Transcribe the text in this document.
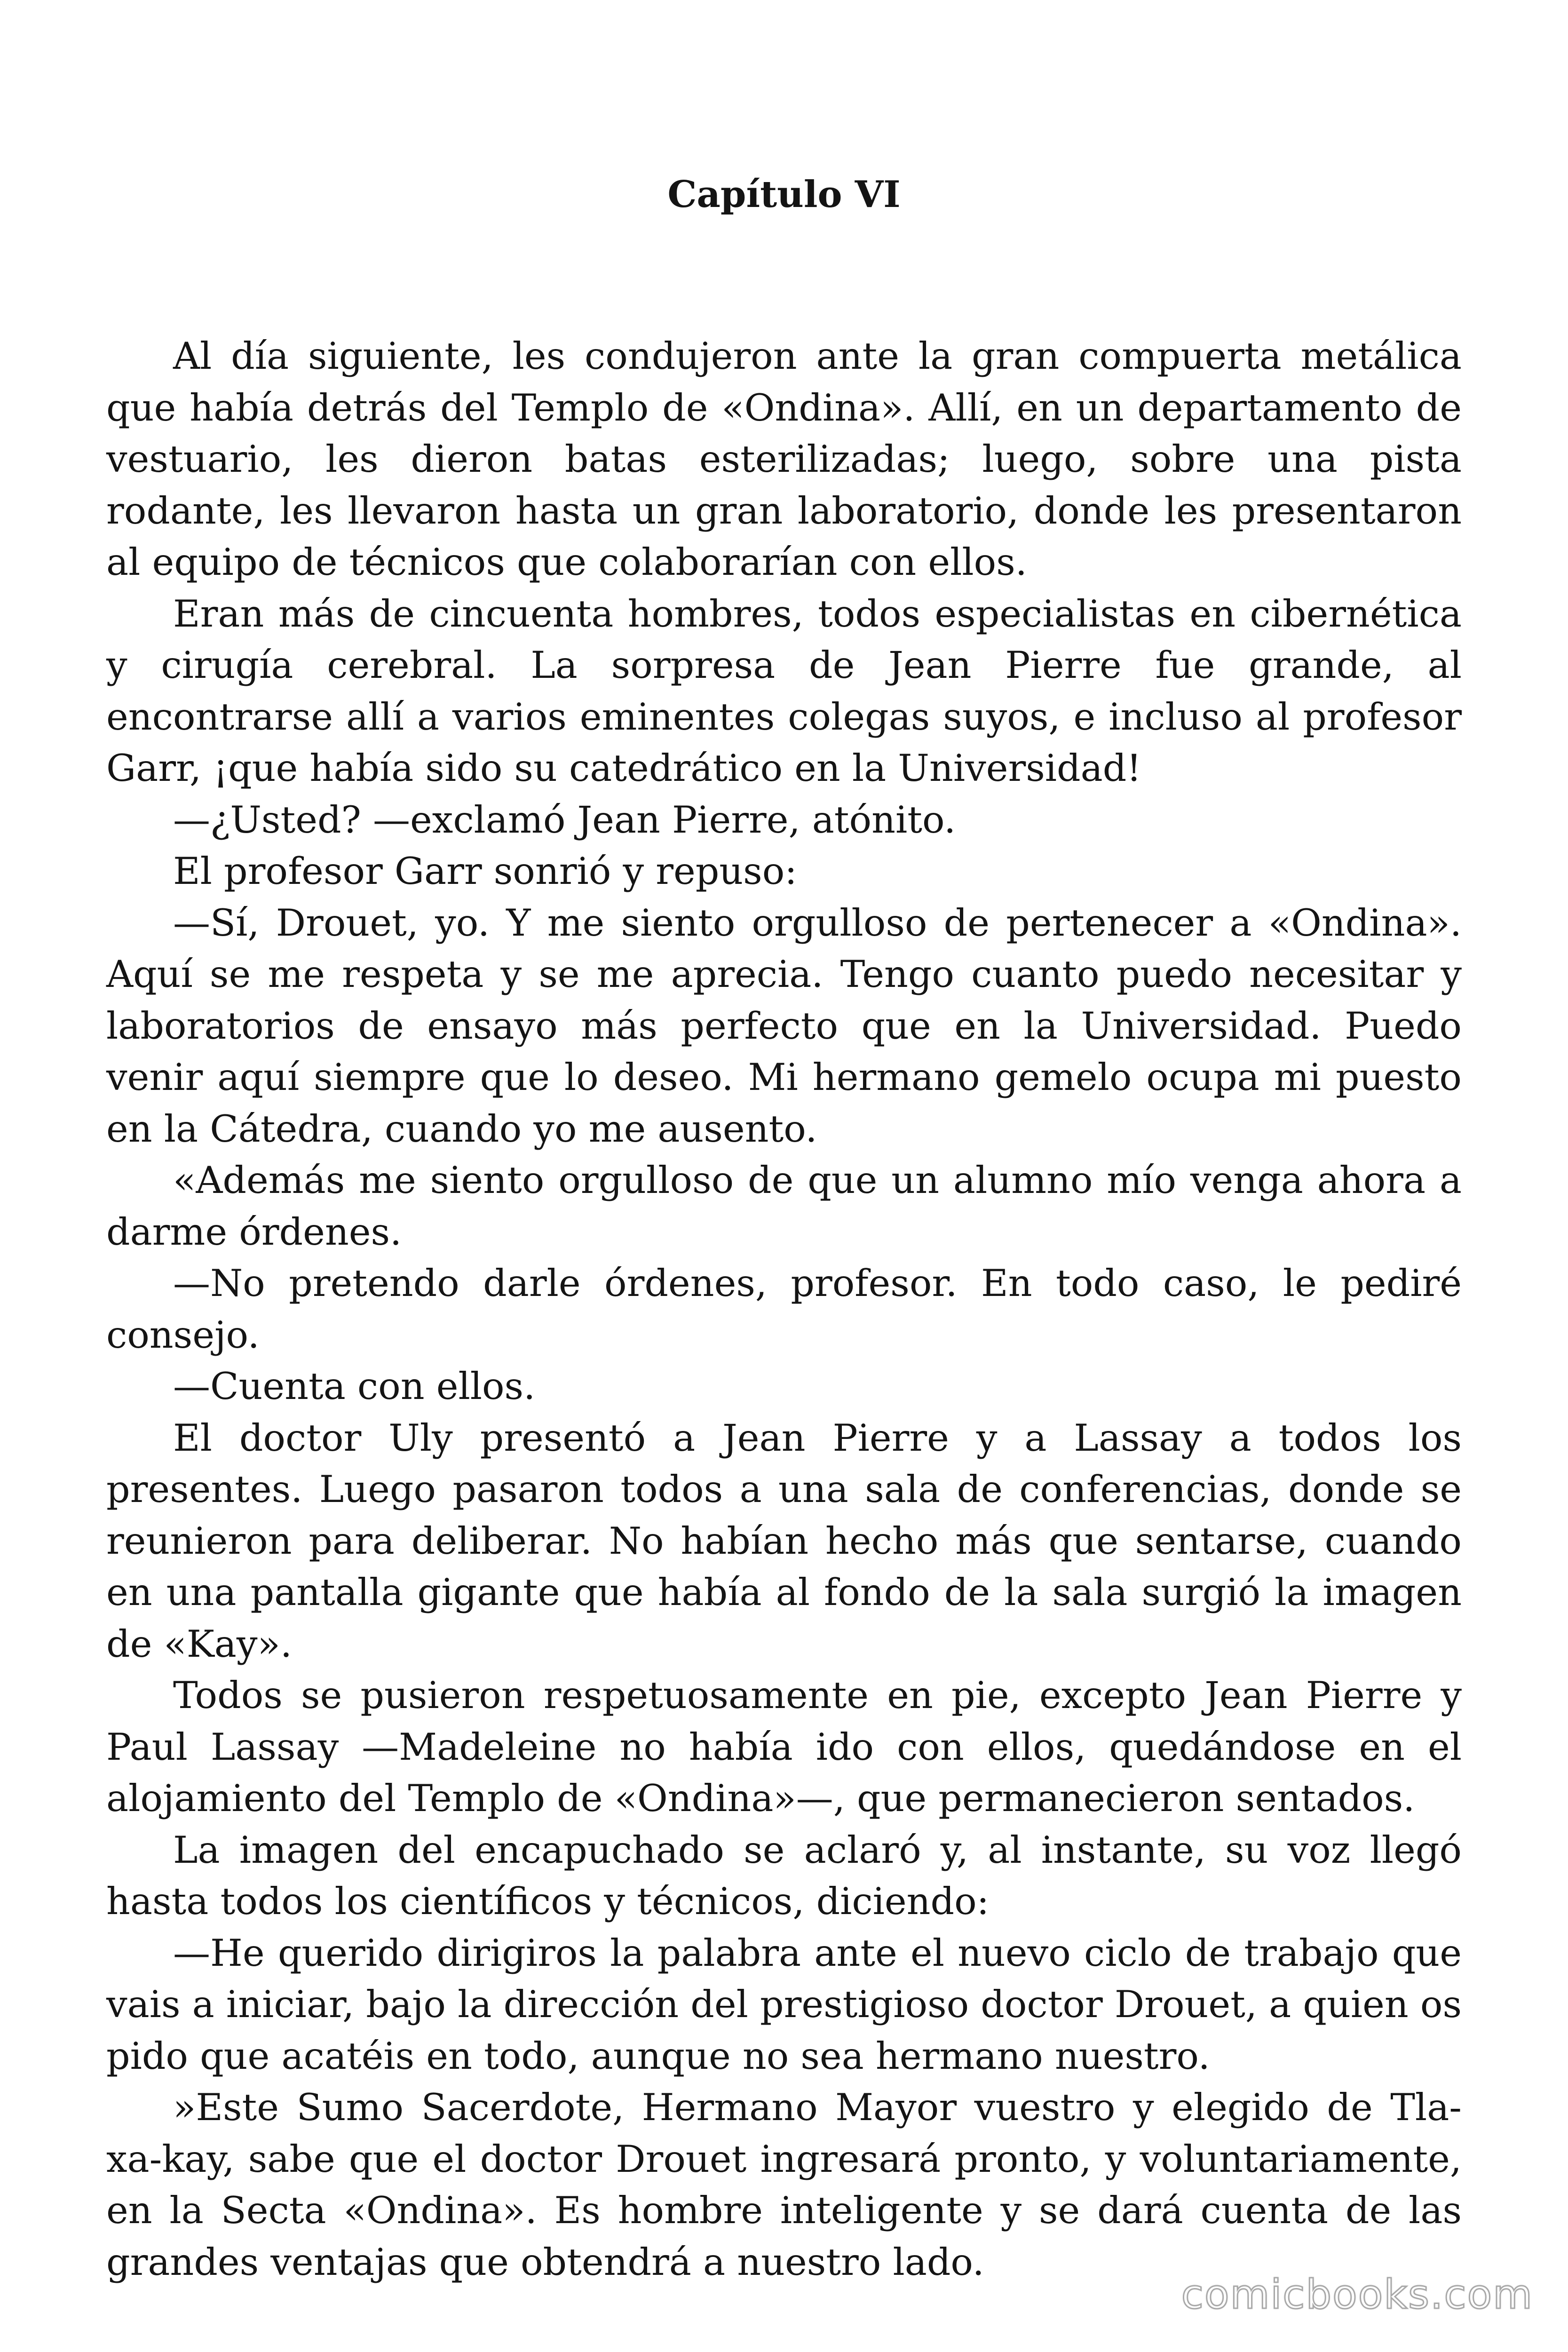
Capítulo VI

Al día siguiente, les condujeron ante la gran compuerta metálica que había detrás del Templo de «Ondina». Allí, en un departamento de vestuario, les dieron batas esterilizadas; luego, sobre una pista rodante, les llevaron hasta un gran laboratorio, donde les presentaron al equipo de técnicos que colaborarían con ellos.

Eran más de cincuenta hombres, todos especialistas en cibernética y cirugía cerebral. La sorpresa de Jean Pierre fue grande, al encontrarse allí a varios eminentes colegas suyos, e incluso al profesor Garr, ¡que había sido su catedrático en la Universidad!

—¿Usted? —exclamó Jean Pierre, atónito.

El profesor Garr sonrió y repuso:

—Sí, Drouet, yo. Y me siento orgulloso de pertenecer a «Ondina». Aquí se me respeta y se me aprecia. Tengo cuanto puedo necesitar y laboratorios de ensayo más perfecto que en la Universidad. Puedo venir aquí siempre que lo deseo. Mi hermano gemelo ocupa mi puesto en la Cátedra, cuando yo me ausento.

«Además me siento orgulloso de que un alumno mío venga ahora a darme órdenes.

—No pretendo darle órdenes, profesor. En todo caso, le pediré consejo.

—Cuenta con ellos.

El doctor Uly presentó a Jean Pierre y a Lassay a todos los presentes. Luego pasaron todos a una sala de conferencias, donde se reunieron para deliberar. No habían hecho más que sentarse, cuando en una pantalla gigante que había al fondo de la sala surgió la imagen de «Kay».

Todos se pusieron respetuosamente en pie, excepto Jean Pierre y Paul Lassay —Madeleine no había ido con ellos, quedándose en el alojamiento del Templo de «Ondina»—, que permanecieron sentados.

La imagen del encapuchado se aclaró y, al instante, su voz llegó hasta todos los científicos y técnicos, diciendo:

—He querido dirigiros la palabra ante el nuevo ciclo de trabajo que vais a iniciar, bajo la dirección del prestigioso doctor Drouet, a quien os pido que acatéis en todo, aunque no sea hermano nuestro.

»Este Sumo Sacerdote, Hermano Mayor vuestro y elegido de Tla-xa-kay, sabe que el doctor Drouet ingresará pronto, y voluntariamente, en la Secta «Ondina». Es hombre inteligente y se dará cuenta de las grandes ventajas que obtendrá a nuestro lado.

comicbooks.com
